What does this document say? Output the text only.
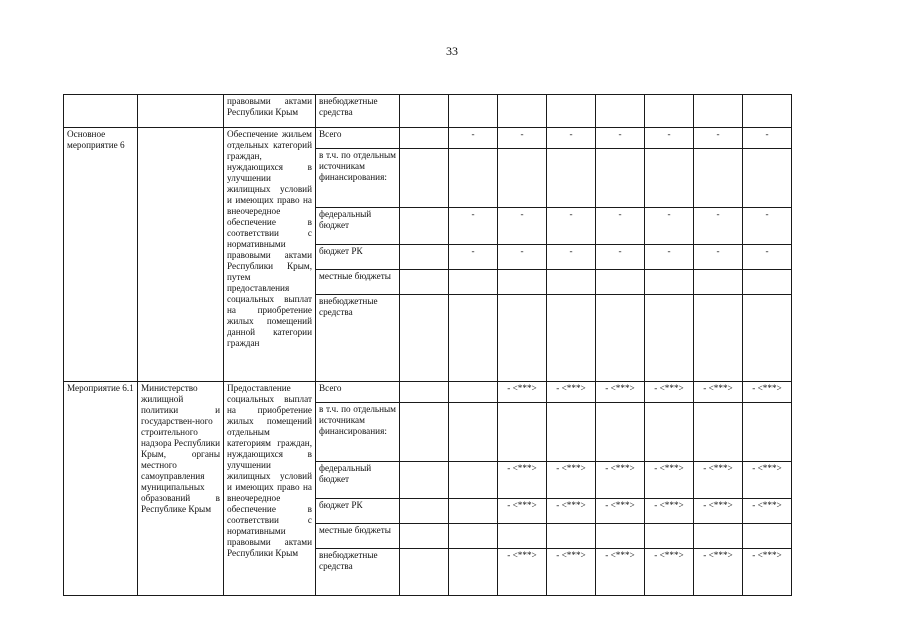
33
		правовыми актами Республики Крым	внебюджетные средства								
Основное мероприятие 6		Обеспечение жильем отдельных категорий граждан, нуждающихся в улучшении жилищных условий и имеющих право на внеочередное обеспечение в соответствии с нормативными правовыми актами Республики Крым, путем предоставления социальных выплат на приобретение жилых помещений данной категории граждан	Всего		-	-	-	-	-	-	-
			в т.ч. по отдельным источникам финансирования:								
			федеральный бюджет		-	-	-	-	-	-	-
			бюджет РК		-	-	-	-	-	-	-
			местные бюджеты								
			внебюджетные средства								
Мероприятие 6.1	Министерство жилищной политики и государствен-ного строительного надзора Республики Крым, органы местного самоуправления муниципальных образований в Республике Крым	Предоставление социальных выплат на приобретение жилых помещений отдельным категориям граждан, нуждающихся в улучшении жилищных условий и имеющих право на внеочередное обеспечение в соответствии с нормативными правовыми актами Республики Крым	Всего			- <***>	- <***>	- <***>	- <***>	- <***>	- <***>
			в т.ч. по отдельным источникам финансирования:								
			федеральный бюджет			- <***>	- <***>	- <***>	- <***>	- <***>	- <***>
			бюджет РК			- <***>	- <***>	- <***>	- <***>	- <***>	- <***>
			местные бюджеты								
			внебюджетные средства			- <***>	- <***>	- <***>	- <***>	- <***>	- <***>
